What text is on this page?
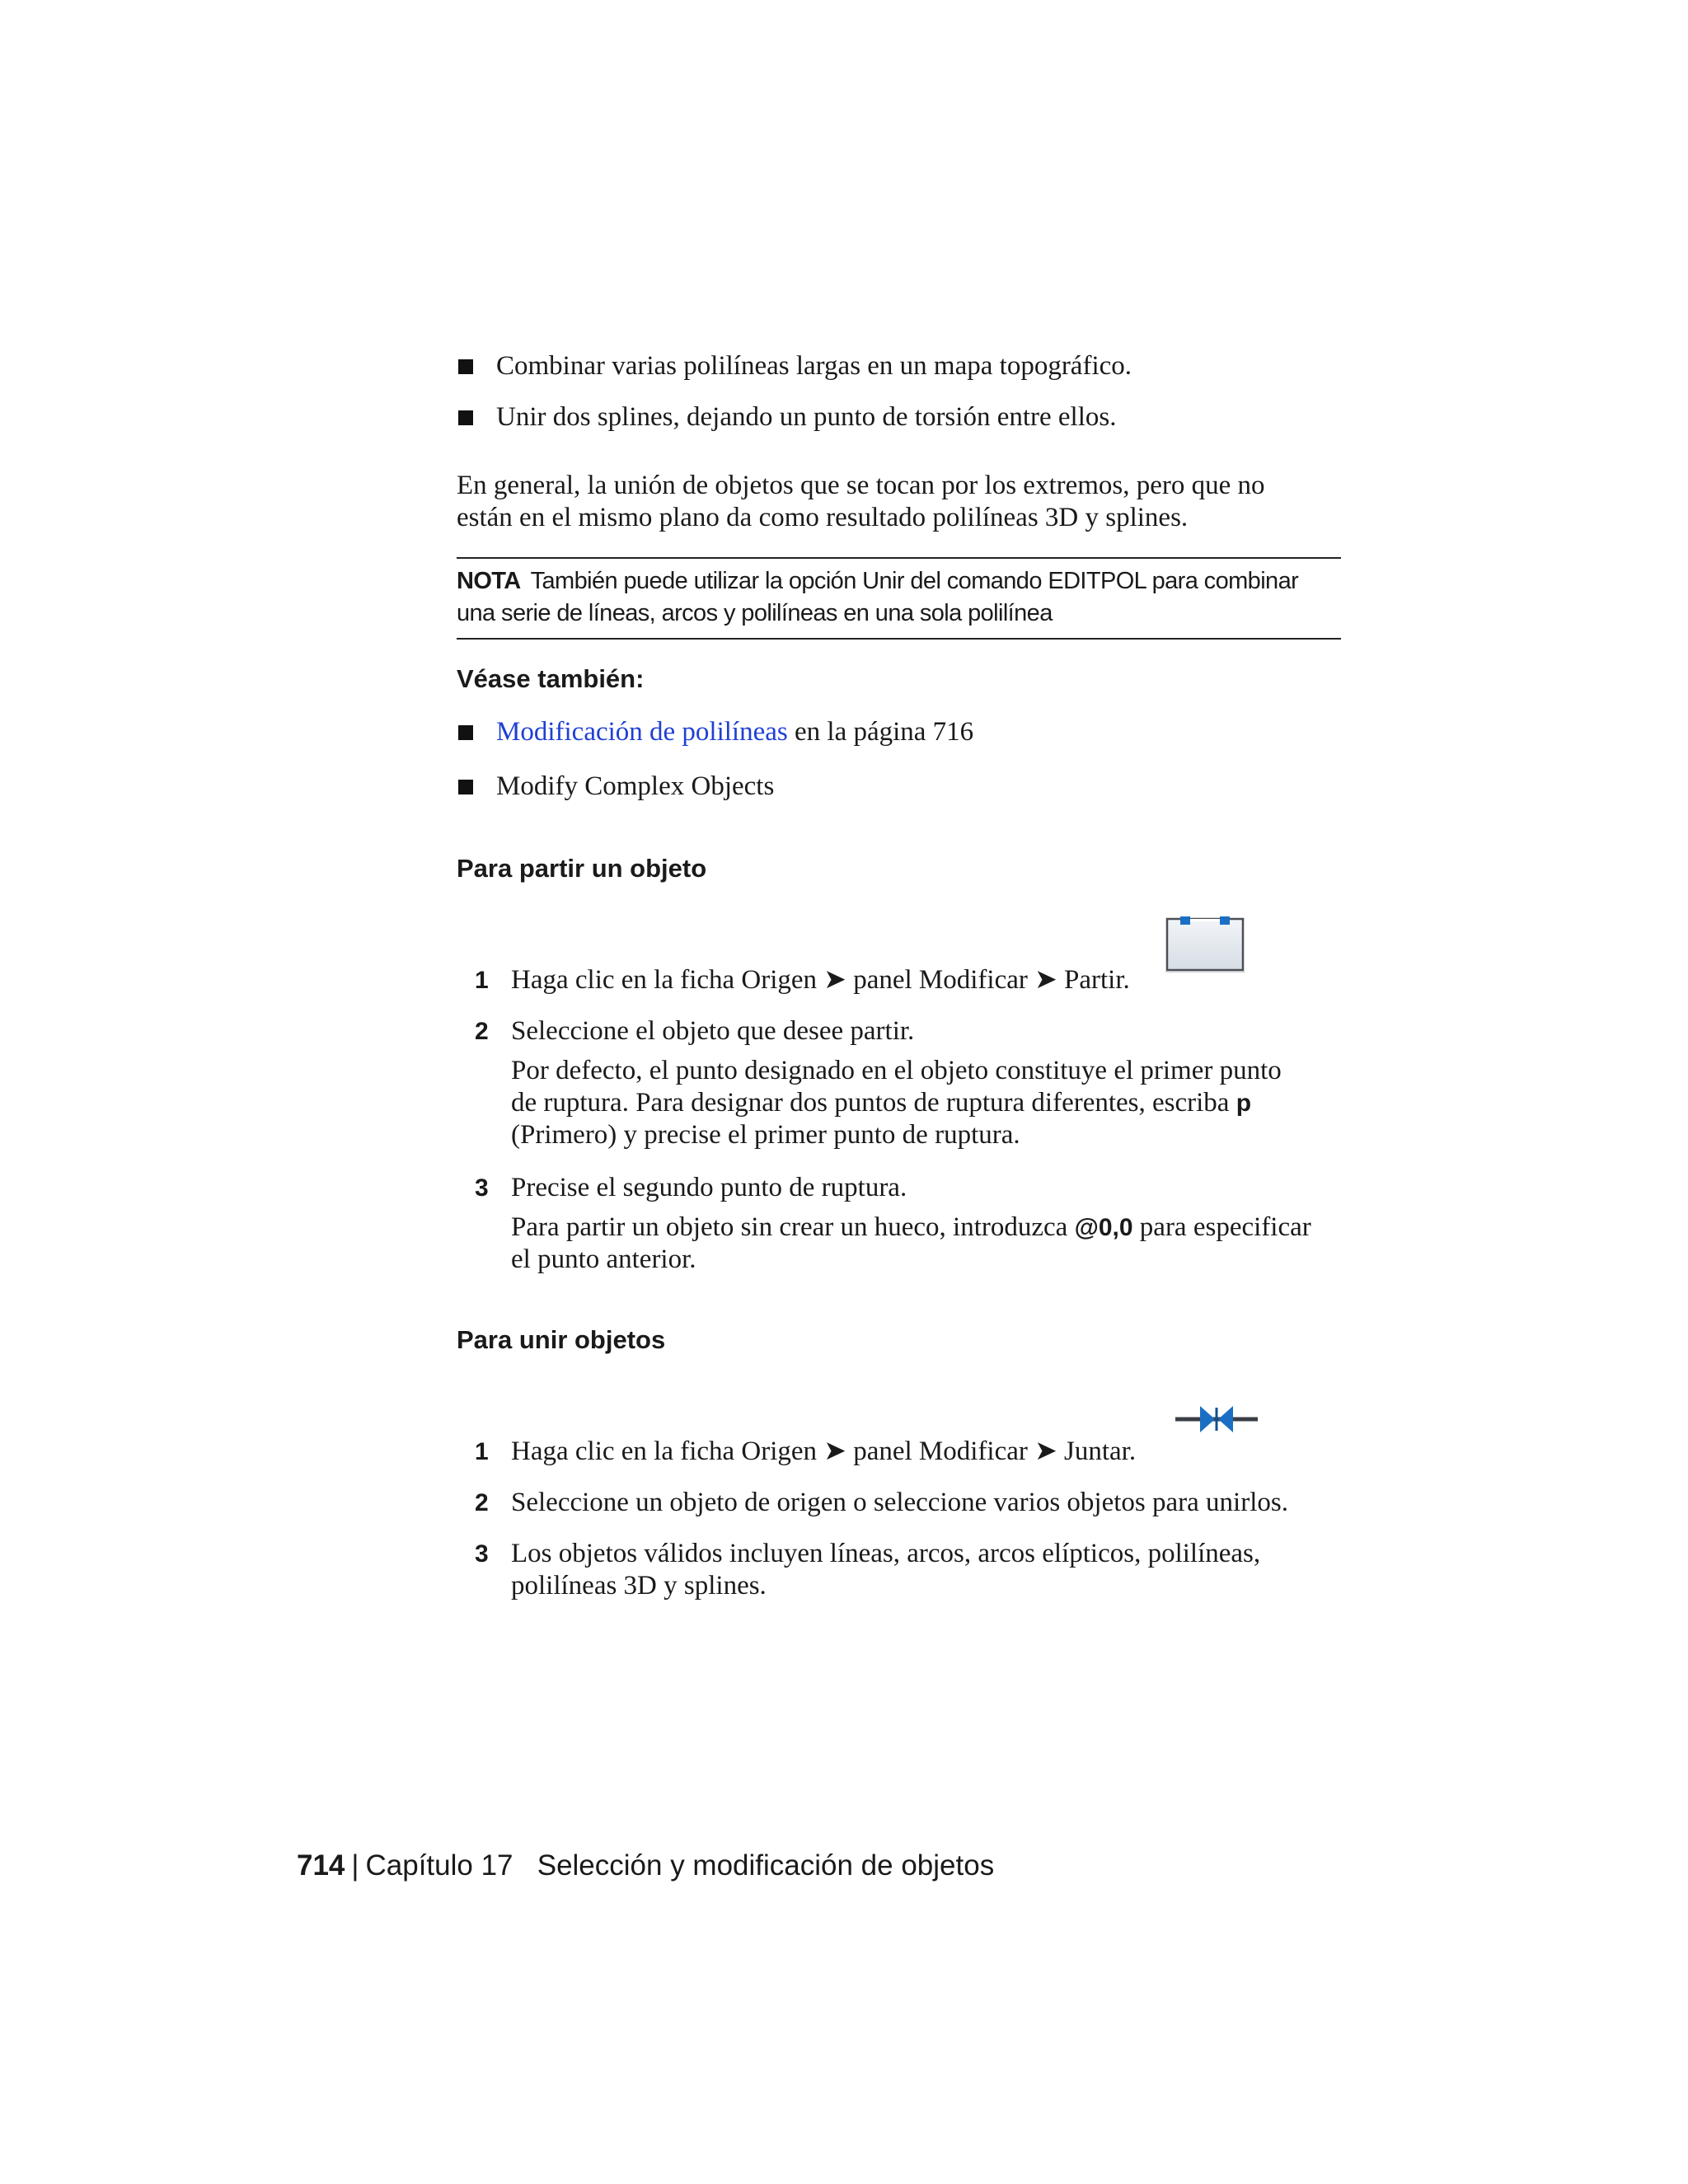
Combinar varias polilíneas largas en un mapa topográfico.
Unir dos splines, dejando un punto de torsión entre ellos.
En general, la unión de objetos que se tocan por los extremos, pero que no
están en el mismo plano da como resultado polilíneas 3D y splines.
NOTA También puede utilizar la opción Unir del comando EDITPOL para combinar
una serie de líneas, arcos y polilíneas en una sola polilínea
Véase también:
Modificación de polilíneas en la página 716
Modify Complex Objects
Para partir un objeto
1 Haga clic en la ficha Origen ➤ panel Modificar ➤ Partir.
2 Seleccione el objeto que desee partir.
Por defecto, el punto designado en el objeto constituye el primer punto
de ruptura. Para designar dos puntos de ruptura diferentes, escriba p
(Primero) y precise el primer punto de ruptura.
3 Precise el segundo punto de ruptura.
Para partir un objeto sin crear un hueco, introduzca @0,0 para especificar
el punto anterior.
Para unir objetos
1 Haga clic en la ficha Origen ➤ panel Modificar ➤ Juntar.
2 Seleccione un objeto de origen o seleccione varios objetos para unirlos.
3 Los objetos válidos incluyen líneas, arcos, arcos elípticos, polilíneas,
polilíneas 3D y splines.
714 | Capítulo 17 Selección y modificación de objetos
